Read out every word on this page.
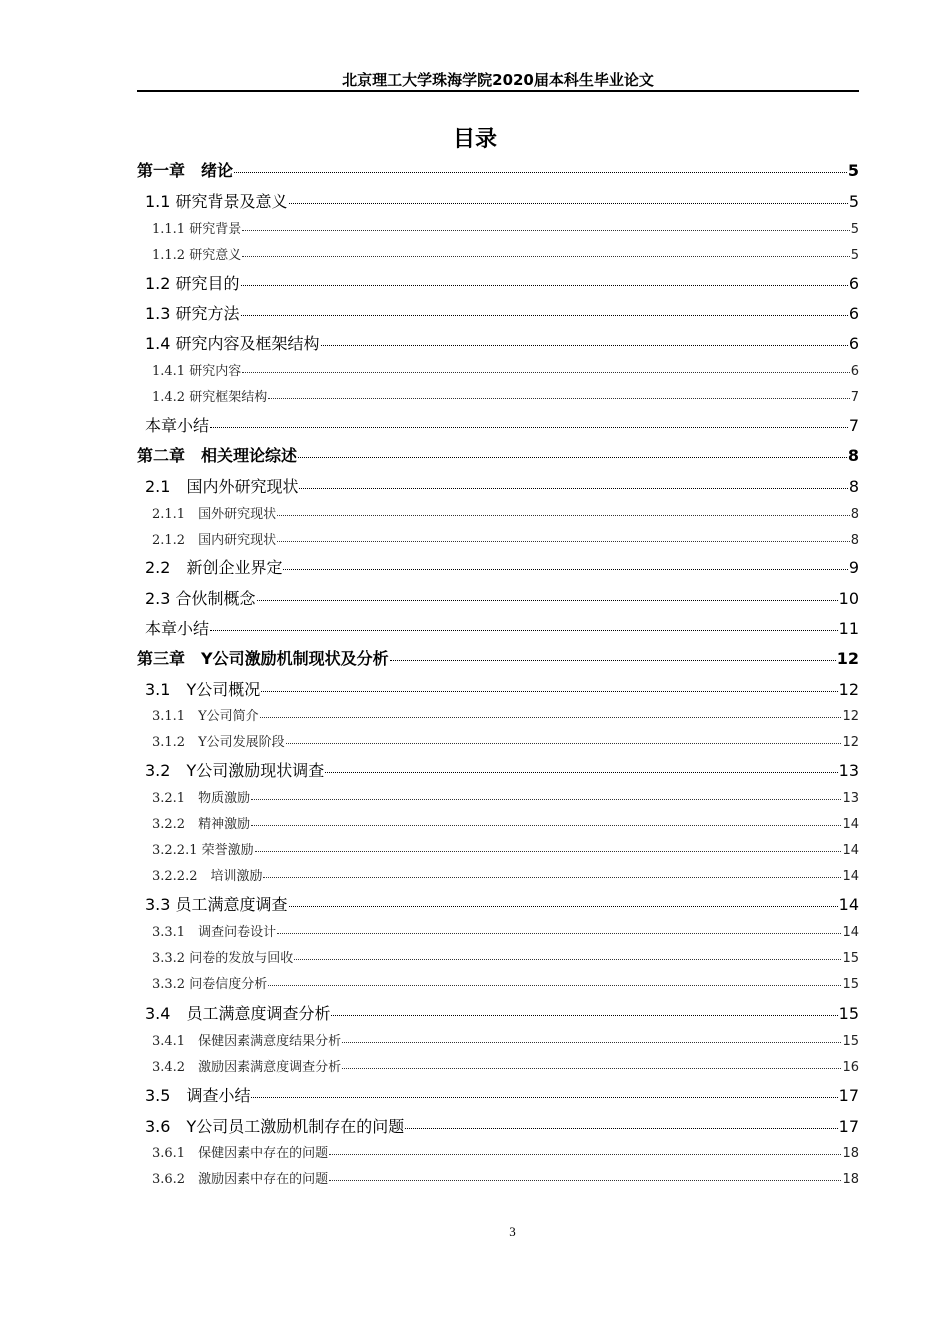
北京理工大学珠海学院2020届本科生毕业论文
目录
第一章　绪论	5
1.1 研究背景及意义	5
1.1.1 研究背景	5
1.1.2 研究意义	5
1.2 研究目的	6
1.3 研究方法	6
1.4 研究内容及框架结构	6
1.4.1 研究内容	6
1.4.2 研究框架结构	7
本章小结	7
第二章　相关理论综述	8
2.1　国内外研究现状	8
2.1.1　国外研究现状	8
2.1.2　国内研究现状	8
2.2　新创企业界定	9
2.3 合伙制概念	10
本章小结	11
第三章　Y公司激励机制现状及分析	12
3.1　Y公司概况	12
3.1.1　Y公司简介	12
3.1.2　Y公司发展阶段	12
3.2　Y公司激励现状调查	13
3.2.1　物质激励	13
3.2.2　精神激励	14
3.2.2.1 荣誉激励	14
3.2.2.2　培训激励	14
3.3 员工满意度调查	14
3.3.1　调查问卷设计	14
3.3.2 问卷的发放与回收	15
3.3.2 问卷信度分析	15
3.4　员工满意度调查分析	15
3.4.1　保健因素满意度结果分析	15
3.4.2　激励因素满意度调查分析	16
3.5　调查小结	17
3.6　Y公司员工激励机制存在的问题	17
3.6.1　保健因素中存在的问题	18
3.6.2　激励因素中存在的问题	18
3
